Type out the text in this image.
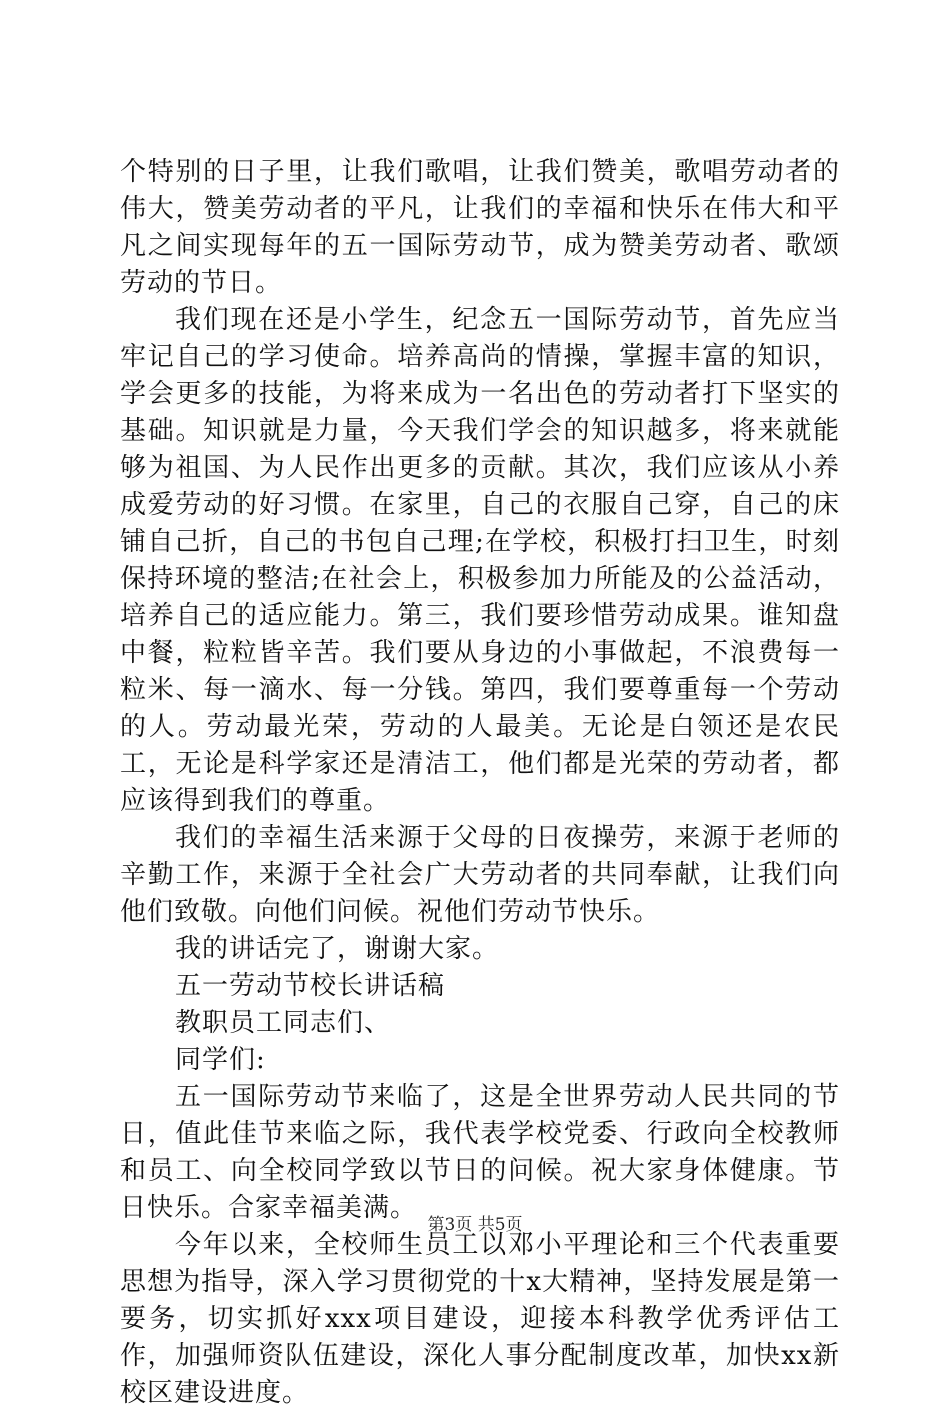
个特别的日子里，让我们歌唱，让我们赞美，歌唱劳动者的伟大，赞美劳动者的平凡，让我们的幸福和快乐在伟大和平凡之间实现每年的五一国际劳动节，成为赞美劳动者、歌颂劳动的节日。

我们现在还是小学生，纪念五一国际劳动节，首先应当牢记自己的学习使命。培养高尚的情操，掌握丰富的知识，学会更多的技能，为将来成为一名出色的劳动者打下坚实的基础。知识就是力量，今天我们学会的知识越多，将来就能够为祖国、为人民作出更多的贡献。其次，我们应该从小养成爱劳动的好习惯。在家里，自己的衣服自己穿，自己的床铺自己折，自己的书包自己理;在学校，积极打扫卫生，时刻保持环境的整洁;在社会上，积极参加力所能及的公益活动，培养自己的适应能力。第三，我们要珍惜劳动成果。谁知盘中餐，粒粒皆辛苦。我们要从身边的小事做起，不浪费每一粒米、每一滴水、每一分钱。第四，我们要尊重每一个劳动的人。劳动最光荣，劳动的人最美。无论是白领还是农民工，无论是科学家还是清洁工，他们都是光荣的劳动者，都应该得到我们的尊重。

我们的幸福生活来源于父母的日夜操劳，来源于老师的辛勤工作，来源于全社会广大劳动者的共同奉献，让我们向他们致敬。向他们问候。祝他们劳动节快乐。

我的讲话完了，谢谢大家。

五一劳动节校长讲话稿

教职员工同志们、

同学们:

五一国际劳动节来临了，这是全世界劳动人民共同的节日，值此佳节来临之际，我代表学校党委、行政向全校教师和员工、向全校同学致以节日的问候。祝大家身体健康。节日快乐。合家幸福美满。

今年以来，全校师生员工以邓小平理论和三个代表重要思想为指导，深入学习贯彻党的十x大精神，坚持发展是第一要务，切实抓好xxx项目建设，迎接本科教学优秀评估工作，加强师资队伍建设，深化人事分配制度改革，加快xx新校区建设进度。

第3页 共5页
